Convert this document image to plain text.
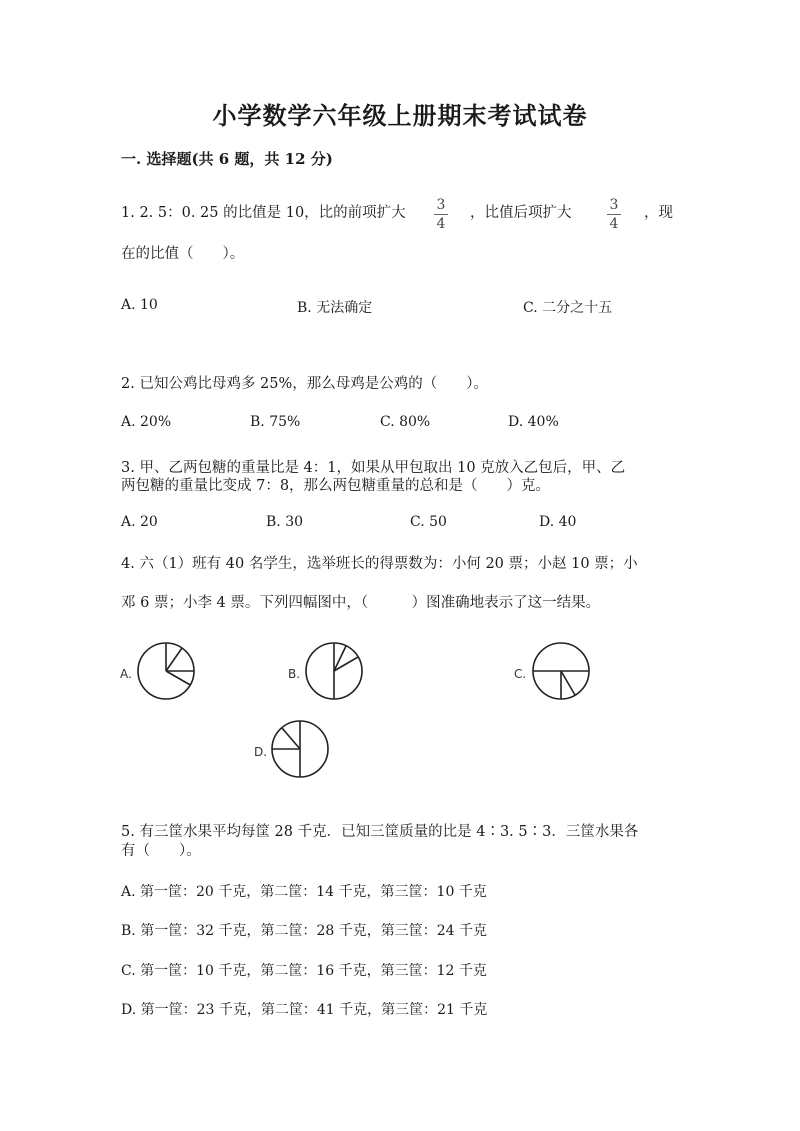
小学数学六年级上册期末考试试卷
一. 选择题(共 6 题，共 12 分)
1. 2. 5：0. 25 的比值是 10，比的前项扩大 3
4
，比值后项扩大	3
4
，现
在的比值（　　）。
A. 10	B. 无法确定	C. 二分之十五
2. 已知公鸡比母鸡多 25%，那么母鸡是公鸡的（　　）。
A. 20%	B. 75%	C. 80%	D. 40%
3. 甲、乙两包糖的重量比是 4：1，如果从甲包取出 10 克放入乙包后，甲、乙
两包糖的重量比变成 7：8，那么两包糖重量的总和是（　　）克。
A. 20	B. 30	C. 50	D. 40
4. 六（1）班有 40 名学生，选举班长的得票数为：小何 20 票；小赵 10 票；小
邓 6 票；小李 4 票。下列四幅图中，（　　　）图准确地表示了这一结果。
A.	B.	C.
D.
5. 有三筐水果平均每筐 28 千克．已知三筐质量的比是 4∶3. 5∶3．三筐水果各
有（　　）。
A. 第一筐：20 千克，第二筐：14 千克，第三筐：10 千克
B. 第一筐：32 千克，第二筐：28 千克，第三筐：24 千克
C. 第一筐：10 千克，第二筐：16 千克，第三筐：12 千克
D. 第一筐：23 千克，第二筐：41 千克，第三筐：21 千克
